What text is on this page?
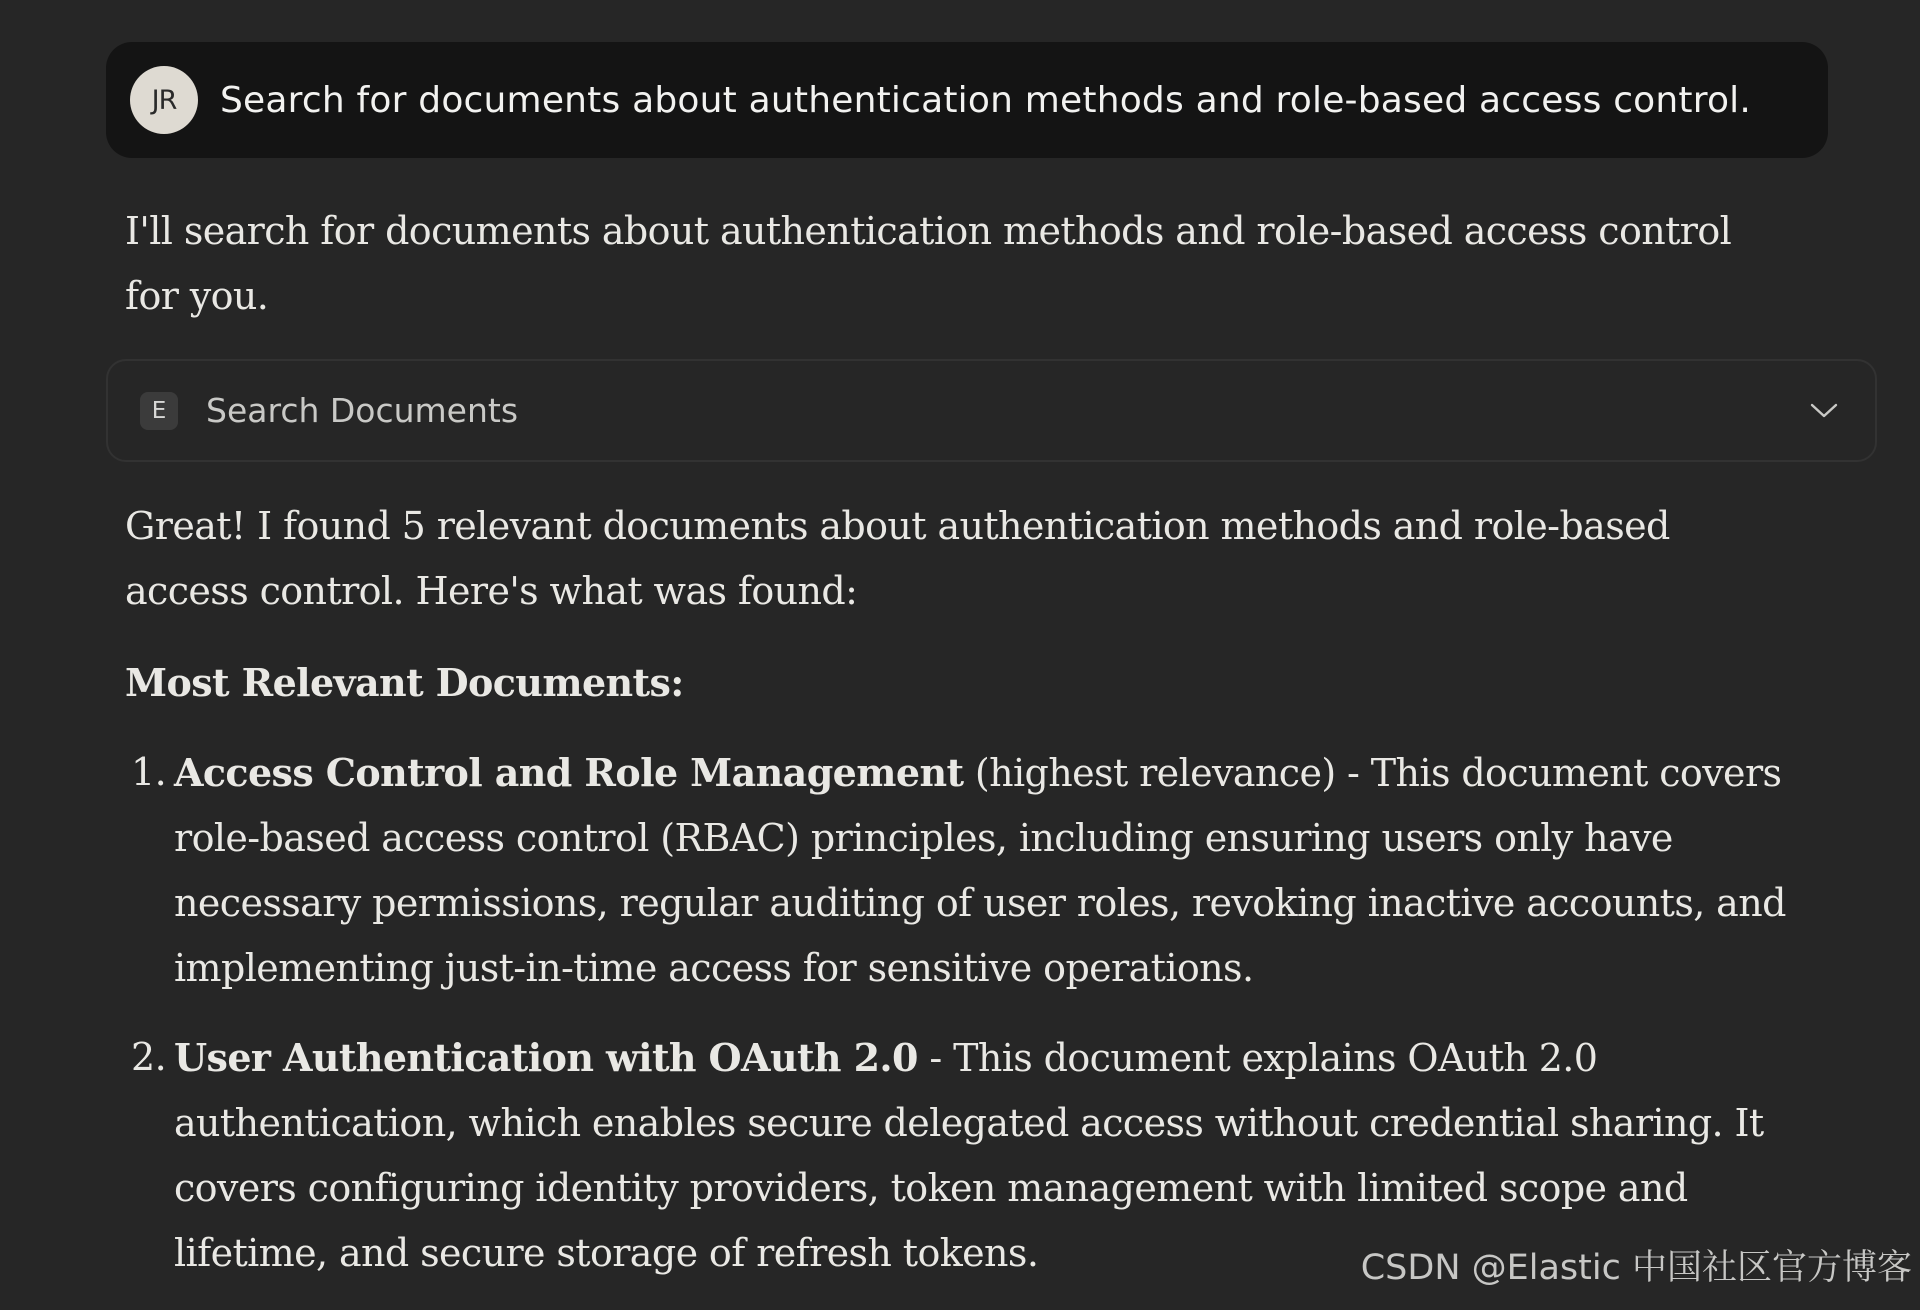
JR	Search for documents about authentication methods and role-based access control.
I'll search for documents about authentication methods and role-based access control for you.
E	Search Documents
Great! I found 5 relevant documents about authentication methods and role-based access control. Here's what was found:
Most Relevant Documents:
1. Access Control and Role Management (highest relevance) - This document covers role-based access control (RBAC) principles, including ensuring users only have necessary permissions, regular auditing of user roles, revoking inactive accounts, and implementing just-in-time access for sensitive operations.
2. User Authentication with OAuth 2.0 - This document explains OAuth 2.0 authentication, which enables secure delegated access without credential sharing. It covers configuring identity providers, token management with limited scope and lifetime, and secure storage of refresh tokens.	CSDN @Elastic 中国社区官方博客
